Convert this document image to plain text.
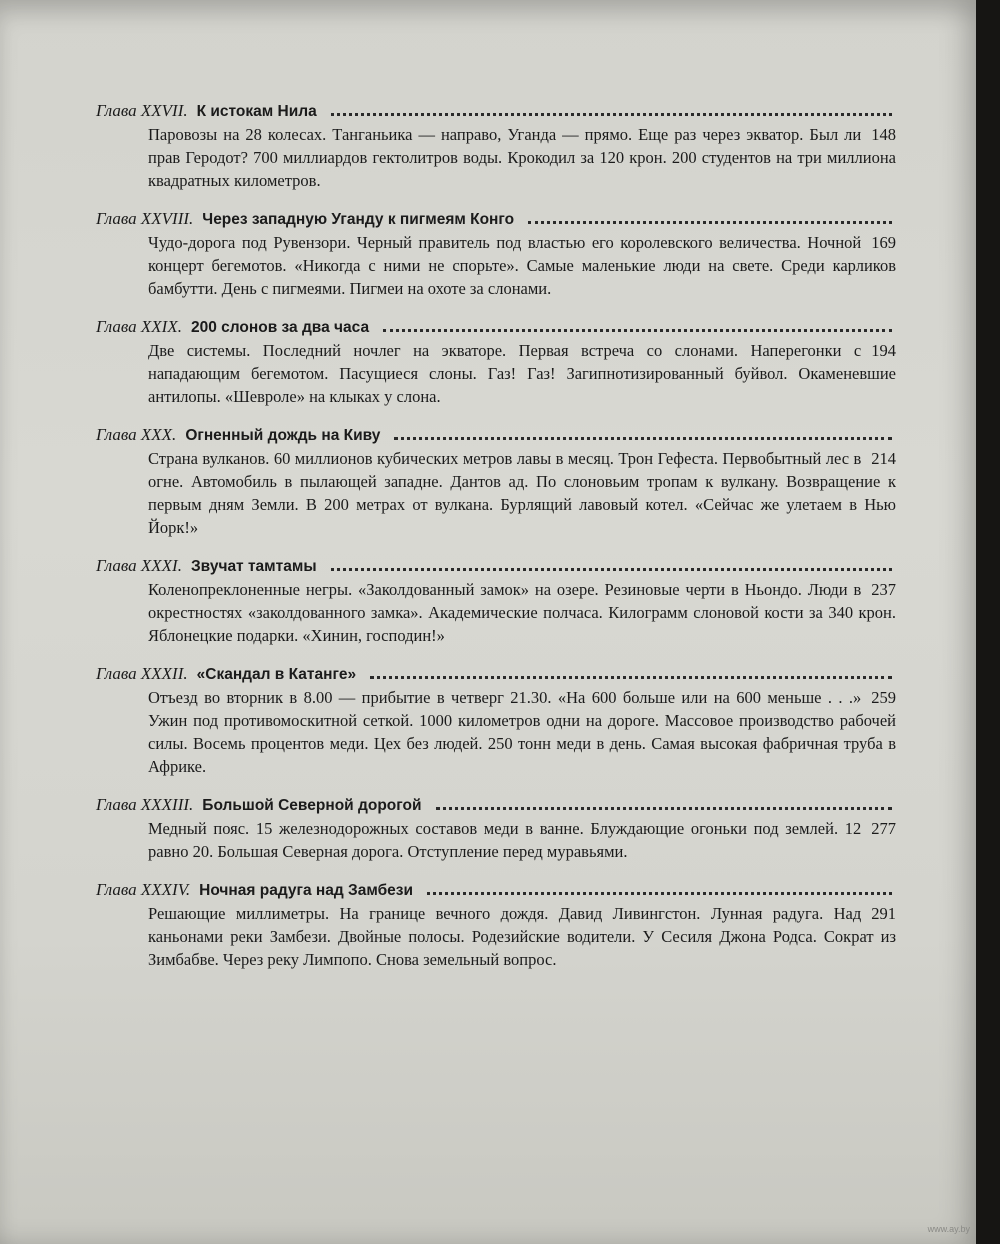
Глава XXVII. К истокам Нила
148
Паровозы на 28 колесах. Танганьика — направо, Уганда — прямо. Еще раз через экватор. Был ли прав Геродот? 700 миллиардов гектолитров воды. Крокодил за 120 крон. 200 студентов на три миллиона квадратных километров.
Глава XXVIII. Через западную Уганду к пигмеям Конго
169
Чудо-дорога под Рувензори. Черный правитель под властью его королевского величества. Ночной концерт бегемотов. «Никогда с ними не спорьте». Самые маленькие люди на свете. Среди карликов бамбутти. День с пигмеями. Пигмеи на охоте за слонами.
Глава XXIX. 200 слонов за два часа
194
Две системы. Последний ночлег на экваторе. Первая встреча со слонами. Наперегонки с нападающим бегемотом. Пасущиеся слоны. Газ! Газ! Загипнотизированный буйвол. Окаменевшие антилопы. «Шевроле» на клыках у слона.
Глава XXX. Огненный дождь на Киву
214
Страна вулканов. 60 миллионов кубических метров лавы в месяц. Трон Гефеста. Первобытный лес в огне. Автомобиль в пылающей западне. Дантов ад. По слоновьим тропам к вулкану. Возвращение к первым дням Земли. В 200 метрах от вулкана. Бурлящий лавовый котел. «Сейчас же улетаем в Нью Йорк!»
Глава XXXI. Звучат тамтамы
237
Коленопреклоненные негры. «Заколдованный замок» на озере. Резиновые черти в Ньондо. Люди в окрестностях «заколдованного замка». Академические полчаса. Килограмм слоновой кости за 340 крон. Яблонецкие подарки. «Хинин, господин!»
Глава XXXII. «Скандал в Катанге»
259
Отъезд во вторник в 8.00 — прибытие в четверг 21.30. «На 600 больше или на 600 меньше . . .» Ужин под противомоскитной сеткой. 1000 километров одни на дороге. Массовое производство рабочей силы. Восемь процентов меди. Цех без людей. 250 тонн меди в день. Самая высокая фабричная труба в Африке.
Глава XXXIII. Большой Северной дорогой
277
Медный пояс. 15 железнодорожных составов меди в ванне. Блуждающие огоньки под землей. 12 равно 20. Большая Северная дорога. Отступление перед муравьями.
Глава XXXIV. Ночная радуга над Замбези
291
Решающие миллиметры. На границе вечного дождя. Давид Ливингстон. Лунная радуга. Над каньонами реки Замбези. Двойные полосы. Родезийские водители. У Сесиля Джона Родса. Сократ из Зимбабве. Через реку Лимпопо. Снова земельный вопрос.
www.ay.by
